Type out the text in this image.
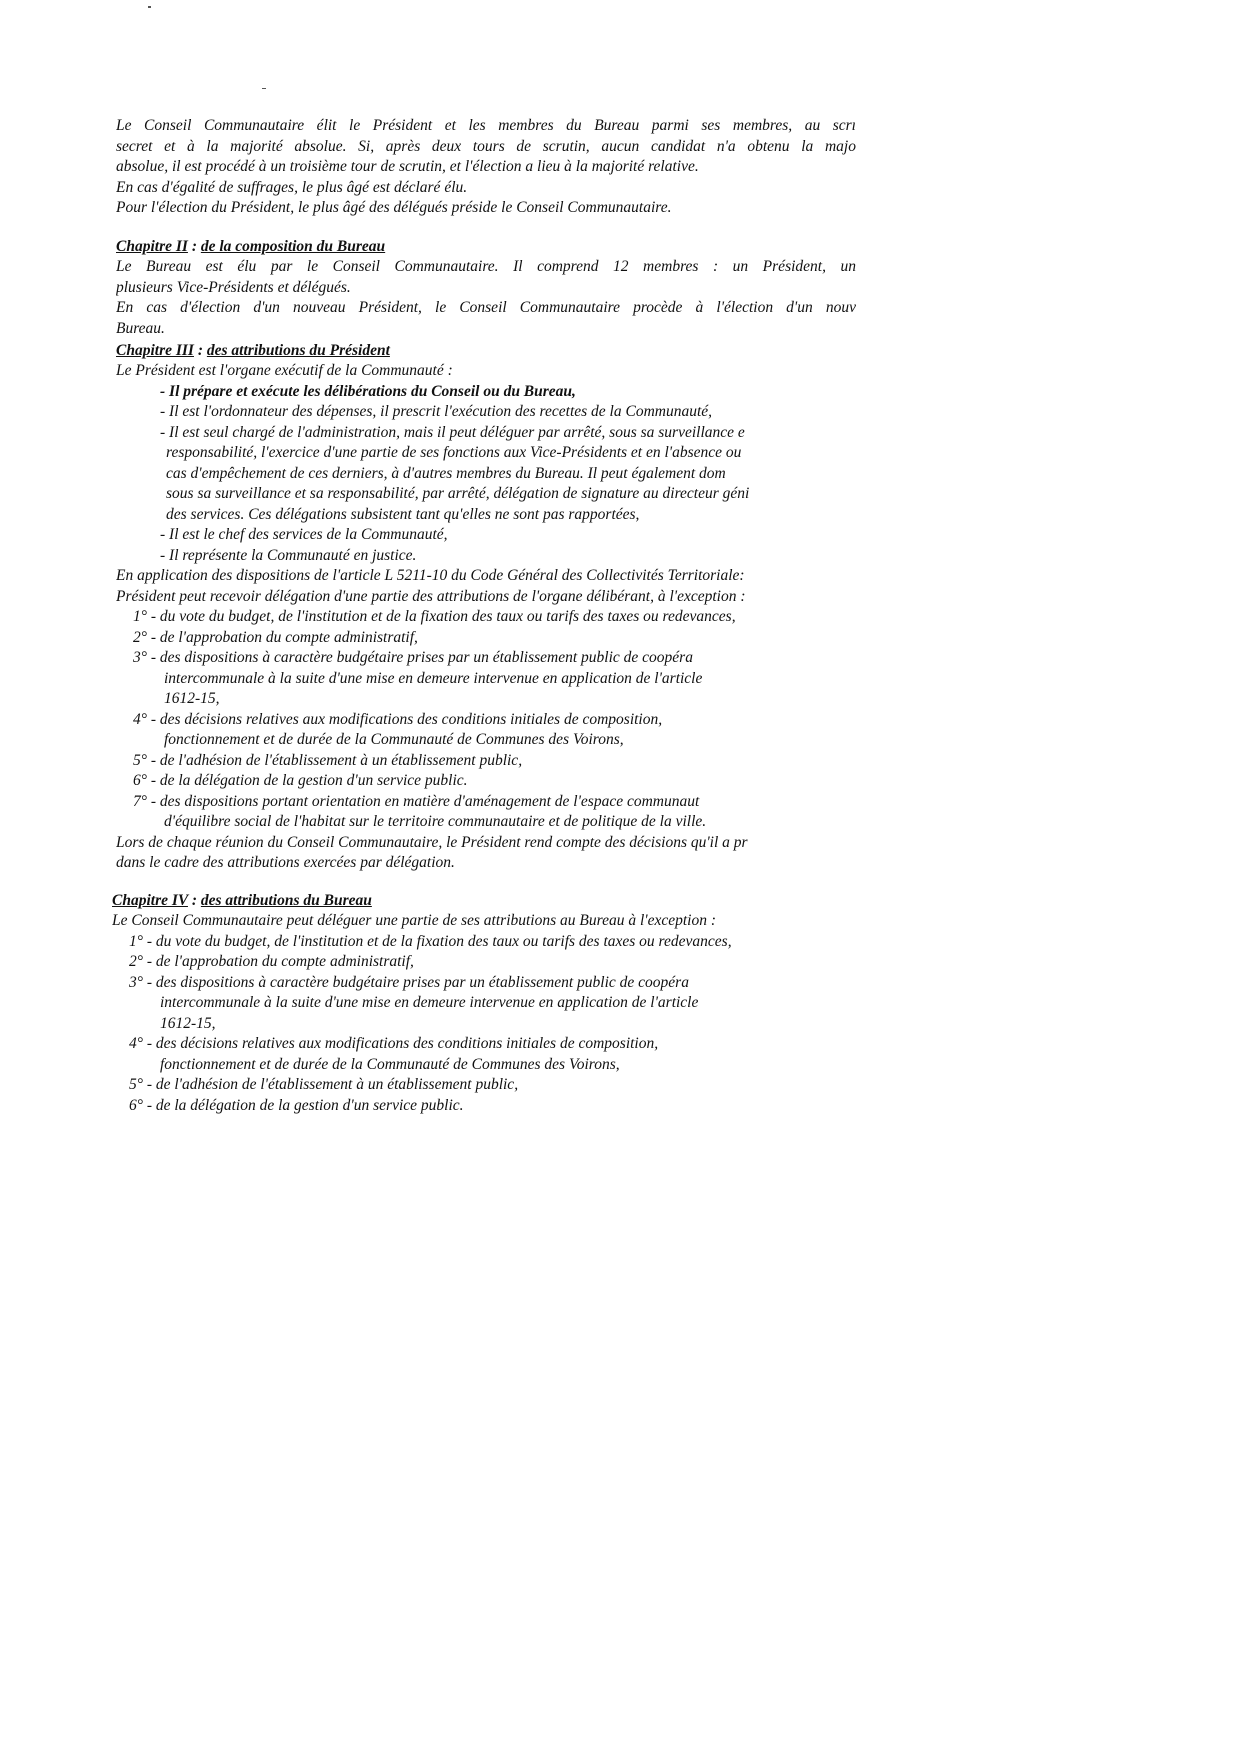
Le Conseil Communautaire élit le Président et les membres du Bureau parmi ses membres, au scrı
secret et à la majorité absolue. Si, après deux tours de scrutin, aucun candidat n'a obtenu la majo
absolue, il est procédé à un troisième tour de scrutin, et l'élection a lieu à la majorité relative.
En cas d'égalité de suffrages, le plus âgé est déclaré élu.
Pour l'élection du Président, le plus âgé des délégués préside le Conseil Communautaire.
Chapitre II : de la composition du Bureau
Le Bureau est élu par le Conseil Communautaire. Il comprend 12 membres : un Président, un
plusieurs Vice-Présidents et délégués.
En cas d'élection d'un nouveau Président, le Conseil Communautaire procède à l'élection d'un nouv
Bureau.
Chapitre III : des attributions du Président
Le Président est l'organe exécutif de la Communauté :
- Il prépare et exécute les délibérations du Conseil ou du Bureau,
- Il est l'ordonnateur des dépenses, il prescrit l'exécution des recettes de la Communauté,
- Il est seul chargé de l'administration, mais il peut déléguer par arrêté, sous sa surveillance e
responsabilité, l'exercice d'une partie de ses fonctions aux Vice-Présidents et en l'absence ou
cas d'empêchement de ces derniers, à d'autres membres du Bureau. Il peut également dom
sous sa surveillance et sa responsabilité, par arrêté, délégation de signature au directeur géni
des services. Ces délégations subsistent tant qu'elles ne sont pas rapportées,
- Il est le chef des services de la Communauté,
- Il représente la Communauté en justice.
En application des dispositions de l'article L 5211-10 du Code Général des Collectivités Territoriale:
Président peut recevoir délégation d'une partie des attributions de l'organe délibérant, à l'exception :
1° - du vote du budget, de l'institution et de la fixation des taux ou tarifs des taxes ou redevances,
2° - de l'approbation du compte administratif,
3° - des dispositions à caractère budgétaire prises par un établissement public de coopéra
intercommunale à la suite d'une mise en demeure intervenue en application de l'article
1612-15,
4° - des décisions relatives aux modifications des conditions initiales de composition,
fonctionnement et de durée de la Communauté de Communes des Voirons,
5° - de l'adhésion de l'établissement à un établissement public,
6° - de la délégation de la gestion d'un service public.
7° - des dispositions portant orientation en matière d'aménagement de l'espace communaut
d'équilibre social de l'habitat sur le territoire communautaire et de politique de la ville.
Lors de chaque réunion du Conseil Communautaire, le Président rend compte des décisions qu'il a pr
dans le cadre des attributions exercées par délégation.
Chapitre IV : des attributions du Bureau
Le Conseil Communautaire peut déléguer une partie de ses attributions au Bureau à l'exception :
1° - du vote du budget, de l'institution et de la fixation des taux ou tarifs des taxes ou redevances,
2° - de l'approbation du compte administratif,
3° - des dispositions à caractère budgétaire prises par un établissement public de coopéra
intercommunale à la suite d'une mise en demeure intervenue en application de l'article
1612-15,
4° - des décisions relatives aux modifications des conditions initiales de composition,
fonctionnement et de durée de la Communauté de Communes des Voirons,
5° - de l'adhésion de l'établissement à un établissement public,
6° - de la délégation de la gestion d'un service public.
